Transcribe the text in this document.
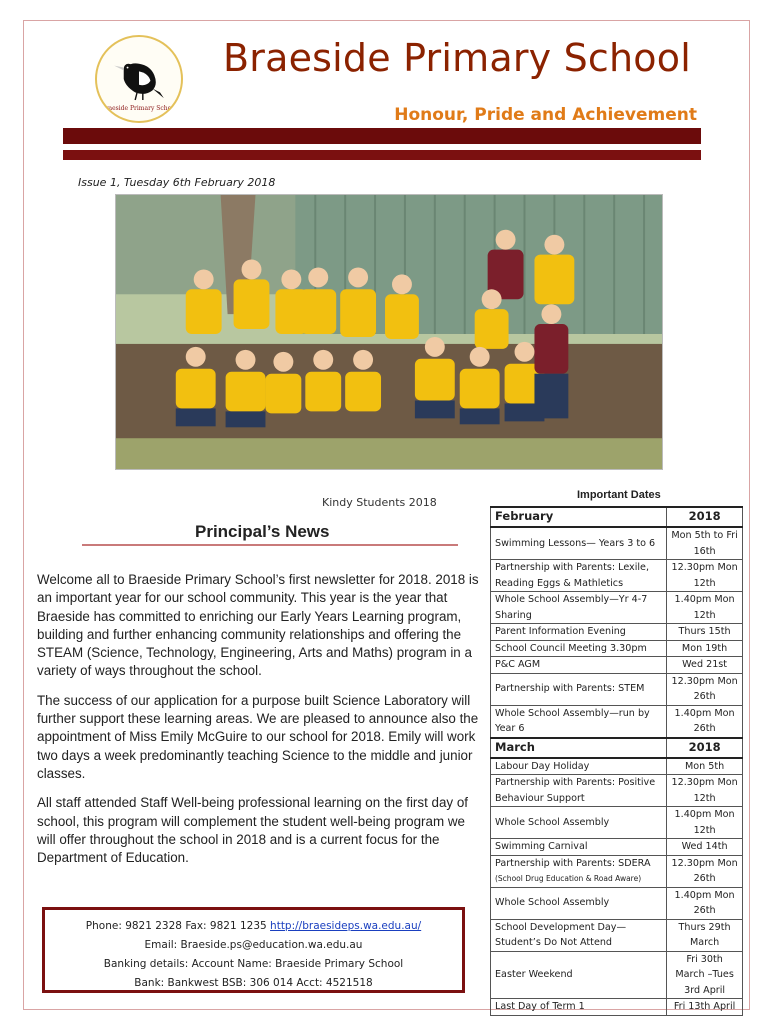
Braeside Primary School
Braeside Primary School
Honour, Pride and Achievement
Issue 1, Tuesday 6th February 2018
Kindy Students 2018
Principal’s News

Welcome all to Braeside Primary School’s first newsletter for 2018. 2018 is an important year for our school community. This year is the year that Braeside has committed to enriching our Early Years Learning program, building and further enhancing community relationships and offering the STEAM (Science, Technology, Engineering, Arts and Maths) program in a variety of ways throughout the school.

The success of our application for a purpose built Science Laboratory will further support these learning areas. We are pleased to announce also the appointment of Miss Emily McGuire to our school for 2018. Emily will work two days a week predominantly teaching Science to the middle and junior classes.

All staff attended Staff Well-being professional learning on the first day of school, this program will complement the student well-being program we will offer throughout the school in 2018 and is a current focus for the Department of Education.

Phone: 9821 2328 Fax: 9821 1235 http://braesideps.wa.edu.au/
Email: Braeside.ps@education.wa.edu.au
Banking details: Account Name: Braeside Primary School
Bank: Bankwest BSB: 306 014 Acct: 4521518
Important Dates
February	2018
Swimming Lessons— Years 3 to 6	Mon 5th to Fri 16th
Partnership with Parents: Lexile, Reading Eggs & Mathletics	12.30pm Mon 12th
Whole School Assembly—Yr 4-7 Sharing	1.40pm Mon 12th
Parent Information Evening	Thurs 15th
School Council Meeting 3.30pm	Mon 19th
P&C AGM	Wed 21st
Partnership with Parents: STEM	12.30pm Mon 26th
Whole School Assembly—run by Year 6	1.40pm Mon 26th
March	2018
Labour Day Holiday	Mon 5th
Partnership with Parents: Positive Behaviour Support	12.30pm Mon 12th
Whole School Assembly	1.40pm Mon 12th
Swimming Carnival	Wed 14th
Partnership with Parents: SDERA
(School Drug Education & Road Aware)	12.30pm Mon 26th
Whole School Assembly	1.40pm Mon 26th
School Development Day—Student’s Do Not Attend	Thurs 29th March
Easter Weekend	Fri 30th March –Tues 3rd April
Last Day of Term 1	Fri 13th April
